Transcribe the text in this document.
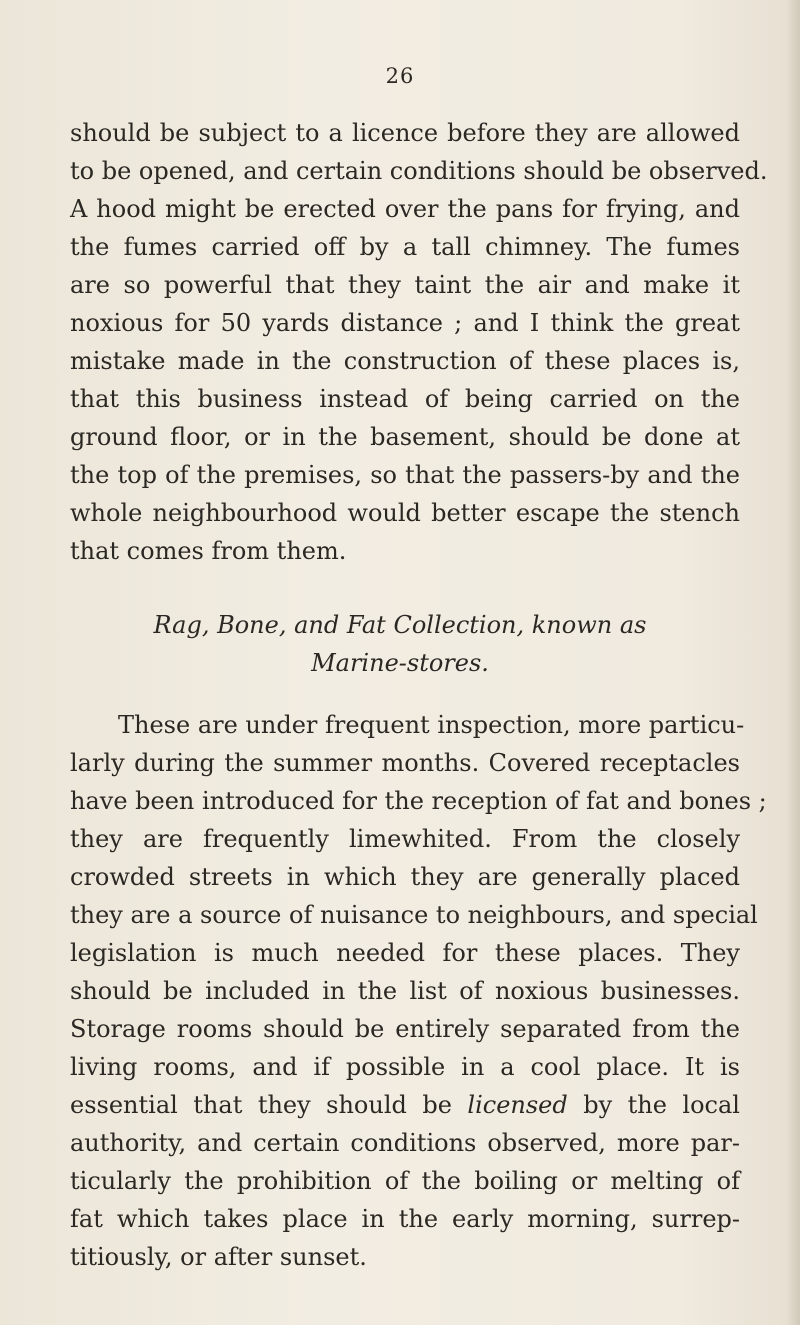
26
should be subject to a licence before they are allowed
to be opened, and certain conditions should be observed.
A hood might be erected over the pans for frying, and
the fumes carried off by a tall chimney. The fumes
are so powerful that they taint the air and make it
noxious for 50 yards distance ; and I think the great
mistake made in the construction of these places is,
that this business instead of being carried on the
ground floor, or in the basement, should be done at
the top of the premises, so that the passers-by and the
whole neighbourhood would better escape the stench
that comes from them.
Rag, Bone, and Fat Collection, known as
Marine-stores.
These are under frequent inspection, more particu-
larly during the summer months. Covered receptacles
have been introduced for the reception of fat and bones ;
they are frequently limewhited. From the closely
crowded streets in which they are generally placed
they are a source of nuisance to neighbours, and special
legislation is much needed for these places. They
should be included in the list of noxious businesses.
Storage rooms should be entirely separated from the
living rooms, and if possible in a cool place. It is
essential that they should be licensed by the local
authority, and certain conditions observed, more par-
ticularly the prohibition of the boiling or melting of
fat which takes place in the early morning, surrep-
titiously, or after sunset.
